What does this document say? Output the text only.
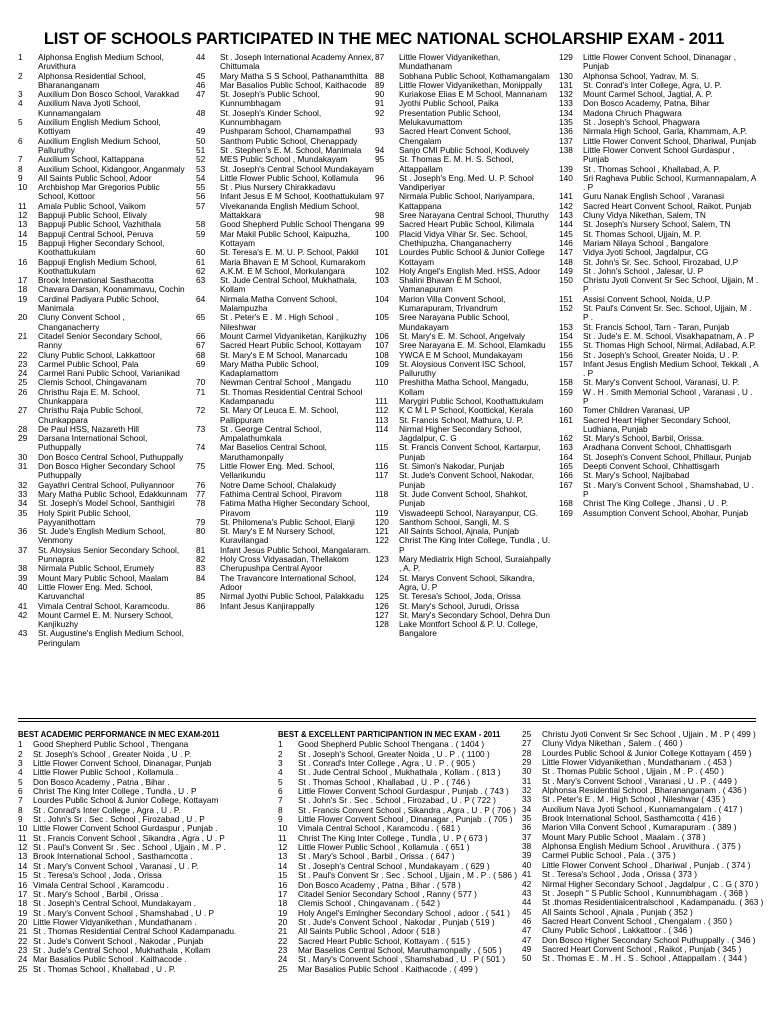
LIST OF SCHOOLS PARTICIPATED IN THE MEC NATIONAL SCHOLARSHIP EXAM - 2011
1	Alphonsa English Medium School, Aruvithura
2	Alphonsa Residential School, Bharananganam
3	Auxilium Don Bosco School, Varakkad
4	Auxilium Nava Jyoti School, Kunnamangalam
5	Auxilium English Medium School, Kottiyam
6	Auxilium English Medium School, Palluruthy
7	Auxilium School, Kattappana
8	Auxilium School, Kidangoor, Anganmaly
9	All Saints Public School, Adoor
10	Archbishop Mar Gregorios Public School, Kottoor
11	Amala Public School, Vaikom
12	Bappuji Public School, Elivaly
13	Bappuji Public School, Vazhithala
14	Bappuji Central School, Peruva
15	Bappuji Higher Secondary School, Koothattukulam
16	Bappuji English Medium School, Koothattukulam
17	Brook International Sasthacotta
18	Chavara Darsan, Koonammavu, Cochin
19	Cardinal Padiyara Public School, Manimala
20	Cluny Convent School , Changanacherry
21	Citadel Senior Secondary School, Ranny
22	Cluny Public School, Lakkattoor
23	Carmel Public School, Pala
24	Carmel Rani Public School, Varianikad
25	Clemis School, Chingavanam
26	Christhu Raja E. M. School, Chunkappara
27	Christhu Raja Public School, Chunkappara
28	De Paul HSS, Nazareth Hill
29	Darsana International School, Puthuppally
30	Don Bosco Central School, Puthuppally
31	Don Bosco Higher Secondary School Puthuppally
32	Gayathri Central School, Puliyannoor
33	Mary Matha Public School, Edakkunnam
34	St. Joseph's Model School, Santhigiri
35	Holy Spirit Public School, Payyanithottam
36	St. Jude's English Medium School, Venmony
37	St. Aloysius Senior Secondary School, Punnapra
38	Nirmala Public School, Erumely
39	Mount Mary Public School, Maalam
40	Little Flower Eng. Med. School, Karuvanchal
41	Vimala Central School, Karamcodu.
42	Mount Carmel E. M. Nursery School, Kanjikuzhy
43	St. Augustine's English Medium School, Peringulam
44	St . Joseph International Academy Annex, Chittumala
45	Mary Matha S S School, Pathanamthitta
46	Mar Basalios Public School, Kaithacode
47	St. Joseph's Public School, Kunnumbhagam
48	St. Joseph's Kinder School, Kunnumbhagam
49	Pushparam School, Chamampathal
50	Santhom Public School, Chenappady
51	St . Stephen's E. M. School, Manimala
52	MES Public School , Mundakayam
53	St. Joseph's Central School Mundakayam
54	Little Flower Public School, Kollamula
55	St . Pius Nursery Chirakkadavu
56	Infant Jesus E M School, Koothattukulam
57	Vivekananda English Medium School, Mattakkara
58	Good Shepherd Public School Thengana
59	Mar Makil Public School, Kaipuzha, Kottayam
60	St. Teresa's E. M. U. P. School, Pakkil
61	Maria Bhavan E M School, Kumarakom
62	A.K.M. E M School, Morkulangara
63	St. Jude Central School, Mukhathala, Kollam
64	Nirmala Matha Convent School, Malampuzha
65	St . Peter's E . M . High School , Nileshwar
66	Mount Carmel Vidyaniketan, Kanjikuzhy
67	Sacred Heart Public School, Kottayam
68	St. Mary's E M School, Manarcadu
69	Mary Matha Public School, Kadaplamattom
70	Newman Central School , Mangadu
71	St. Thomas Residential Central School Kadampanadu
72	St. Mary Of Leuca E. M. School, Pallippuram
73	St . George Central School, Ampalathumkala
74	Mar Baselios Central School, Maruthamonpally
75	Little Flower Eng. Med. School, Vellarikundu
76	Notre Dame School, Chalakudy
77	Fathima Central School, Piravom
78	Fatima Matha Higher Secondary School, Piravom
79	St. Philomena's Public School, Elanji
80	St. Mary's E M Nursery School, Kuravilangad
81	Infant Jesus Public School, Mangalaram.
82	Holy Cross Vidyasadan, Thellakom
83	Cherupushpa Central Ayoor
84	The Travancore International School, Adoor
85	Nirmal Jyothi Public School, Palakkadu
86	Infant Jesus Kanjirappally
87	Little Flower Vidyanikethan, Mundathanam
88	Sobhana Public School, Kothamangalam
89	Little Flower Vidyanikethan, Monippally
90	Kuriakose Elias E M School, Mannanam
91	Jyothi Public School, Paika
92	Presentation Public School, Melukavumattom
93	Sacred Heart Convent School, Chengalam
94	Sanjo CMI Public School, Koduvely
95	St. Thomas E. M. H. S. School, Attappallam
96	St . Joseph's Eng. Med. U. P. School Vandiperiyar
97	Nirmala Public School, Nariyampara, Kattappana
98	Sree Narayana Central School, Thuruthy
99	Sacred Heart Public School, Kilimala
100	Placid Vidya Vihar Sr. Sec. School, Chethipuzha, Changanacherry
101	Lourdes Public School & Junior College Kottayam
102	Holy Angel's English Med. HSS, Adoor
103	Shalini Bhavan E M School, Vamanapuram
104	Marion Villa Convent School, Kumarapuram, Trivandrum
105	Sree Narayana Public School, Mundakayam
106	St. Mary's E. M. School, Angelvaly
107	Sree Narayana E. M. School, Elamkadu
108	YWCA E M School, Mundakayam
109	St. Aloysious Convent ISC School, Palluruthy
110	Preshitha Matha School, Mangadu, Kollam
111	Marygiri Public School, Koothattukulam
112	K C M L P School, Koottickal, Kerala
113	St. Francis School, Mathura, U. P.
114	Nirmal Higher Secondary School, Jagdalpur, C. G
115	St. Francis Convent School, Kartarpur, Punjab
116	St. Simon's Nakodar, Punjab
117	St. Jude's Convent School, Nakodar, Punjab
118	St. Jude Convent School, Shahkot, Punjab
119	Viswadeepti School, Narayanpur, CG.
120	Santhom School, Sangli, M. S
121	All Saints School, Ajnala, Punjab
122	Christ The King Inter College, Tundla , U. P
123	Mary Mediatrix High School, Suraiahpally , A. P.
124	St. Marys Convent School, Sikandra, Agra, U. P
125	St. Teresa's School, Joda, Orissa
126	St. Mary's School, Jurudi, Orissa
127	St. Mary's Secondary School, Dehra Dun
128	Lake Montfort School & P. U. College, Bangalore
129	Little Flower Convent School, Dinanagar , Punjab
130	Alphonsa School, Yadrav, M. S.
131	St. Conrad's Inter College, Agra, U. P.
132	Mount Carmel School, Jagtial, A. P.
133	Don Bosco Academy, Patna, Bihar
134	Madona Chruch Phagwara
135	St . Joseph's School, Phagwara
136	Nirmala High School, Garla, Khammam, A.P.
137	Little Flower Convent School, Dhariwal, Punjab
138	Little Flower Convent School Gurdaspur , Punjab
139	St . Thomas School , Khallabad, A. P.
140	Sri Raghava Public School, Kurmannapalam, A . P
141	Guru Nanak English School , Varanasi
142	Sacred Heart Convent School, Raikot, Punjab
143	Cluny Vidya Nikethan, Salem, TN
144	St. Joseph's Nursery School, Salem, TN
145	St. Thomas School, Ujjain, M. P.
146	Mariam Nilaya School , Bangalore
147	Vidya Jyoti School, Jagdalpur, CG
148	St. John's Sr. Sec. School, Firozabad, U.P
149	St . John's School , Jalesar, U. P
150	Christu Jyoti Convent Sr Sec School, Ujjain, M . P
151	Assisi Convent School, Noida, U.P
152	St. Paul's Convent Sr. Sec. School, Ujjain, M . P .
153	St. Francis School, Tarn - Taran, Punjab
154	St . Jude's E. M. School, Visakhapatnam, A . P
155	St. Thomas High School, Nirmal, Adilabad, A.P.
156	St . Joseph's School, Greater Noida, U . P.
157	Infant Jesus English Medium School, Tekkali , A . P
158	St. Mary's Convent School, Varanasi, U. P.
159	W . H . Smith Memorial School , Varanasi , U . P
160	Tomer Children Varanasi, UP
161	Sacred Heart Higher Secondary School, Ludhiana, Punjab
162	St. Mary's School, Barbil, Orissa.
163	Aradhana Convent School, Chhattisgarh
164	St. Joseph's Convent School, Phillaur, Punjab
165	Deepti Convent School, Chhattisgarh
166	St. Mary's School, Najibabad
167	St . Mary's Convent School , Shamshabad, U . P
168	Christ The King College , Jhansi , U . P.
169	Assumption Convent School, Abohar, Punjab
BEST ACADEMIC PERFORMANCE IN MEC EXAM-2011
1	Good Shepherd Public School , Thengana
2	St. Joseph's School , Greater Noida , U . P.
3	Little Flower Convent School, Dinanagar, Punjab
4	Little Flower Public School , Kollamula .
5	Don Bosco Academy , Patna , Bihar .
6	Christ The King Inter College , Tundla , U . P
7	Lourdes Public School & Junior College, Kottayam
8	St . Conrad's Inter College , Agra , U . P.
9	St . John's Sr . Sec . School , Firozabad , U . P
10 Little Flower Convent School Gurdaspur , Punjab .
11 St . Francis Convent School , Sikandra , Agra , U . P
12 St . Paul's Convent Sr . Sec . School , Ujjain , M . P .
13 Brook International School , Sasthamcotta .
14 St . Mary's Convent School , Varanasi , U . P.
15 St . Teresa's School , Joda , Orissa
16 Vimala Central School , Karamcodu .
17 St . Mary's School , Barbil , Orissa .
18 St . Joseph's Central School, Mundakayam .
19 St . Mary's Convent School , Shamshabad , U . P
20 Little Flower Vidyanikethan , Mundathanam .
21 St . Thomas Residential Central School Kadampanadu.
22 St . Jude's Convent School , Nakodar , Punjab
23 St . Jude's Central School , Mukhathala , Kollam
24 Mar Basalios Public School . Kaithacode .
25 St . Thomas School , Khallabad , U . P.
BEST & EXCELLENT PARTICIPANTION IN MEC EXAM - 2011
1	Good Shepherd Public School Thengana . ( 1404 )
2	St . Joseph's School, Greater Noida , U . P . ( 1100 )
3	St . Conrad's Inter College , Agra , U . P . ( 905 )
4	St . Jude Central School , Mukhathala , Kollam . ( 813 )
5	St . Thomas School , Khallabad , U . P . ( 746 )
6	Little Flower Convent School Gurdaspur , Punjab . ( 743 )
7	St . John's Sr . Sec . School , Firozabad , U . P ( 722 )
8	St . Francis Convent School , Sikandra , Agra , U . P ( 706 )
9	Little Flower Convent School , Dinanagar , Punjab . ( 705 )
10	Vimala Central School , Karamcodu . ( 681 )
11	Christ The King Inter College , Tundla , U . P ( 673 )
12	Little Flower Public School , Kollamula . ( 651 )
13	St . Mary's School , Barbil , Orissa . ( 647 )
14	St . Joseph's Central School , Mundakayam . ( 629 )
15	St . Paul's Convent Sr . Sec . School , Ujjain , M . P . ( 586 )
16	Don Bosco Academy , Patna , Bihar . ( 578 )
17	Citadel Senior Secondary School , Ranny ( 577 )
18	Clemis School , Chingavanam . ( 542 )
19	Holy Angel's Emlngher Secondary School , adoor . ( 541 )
20	St . Jude's Convent School , Nakodar , Punjab ( 519 )
21	All Saints Public School , Adoor ( 518 )
22	Sacred Heart Public School, Kottayam . ( 515 )
23	Mar Baselios Central School, Maruthamonpally . ( 505 )
24	St . Mary's Convent School , Shamshabad , U . P ( 501 )
25	Mar Basalios Public School . Kaithacode . ( 499 )
25	Christu Jyoti Convent Sr Sec School , Ujjain , M . P ( 499 )
27	Cluny Vidya Nikethan , Salem . ( 460 )
28	Lourdes Public School & Junior College Kottayam ( 459 )
29	Little Flower Vidyanikethan , Mundathanam . ( 453 )
30	St . Thomas Public School , Ujjain , M . P . ( 450 )
31	St . Mary's Convent School , Varanasi , U . P . ( 449 )
32	Alphonsa Residential School , Bharananganam . ( 436 )
33	St . Peter's E . M . High School , Nileshwar ( 435 )
34	Auxilium Nava Jyoti School , Kunnamangalam . ( 417 )
35	Brook International School, Sasthamcotta ( 416 )
36	Marion Villa Convent School , Kumarapuram . ( 389 )
37	Mount Mary Public School , Maalam . ( 378 )
38	Alphonsa English Medium School , Aruvithura . ( 375 )
39	Carmel Public School , Pala . ( 375 )
40	Little Flower Convent School , Dhariwal , Punjab . ( 374 )
41	St . Teresa's School , Joda , Orissa ( 373 )
42	Nirmal Higher Secondary School , Jagdalpur , C . G ( 370 )
43	St . Joseph " S Public School , Kunnumbhagam . ( 368 )
44	St .thomas Residentialcentralschool , Kadampanadu. ( 363 )
45	All Saints School , Ajnala , Punjab ( 352 )
46	Sacred Heart Convent School , Chengalam . ( 350 )
47	Cluny Public School , Lakkattoor . ( 346 )
47	Don Bosco Higher Secondary School Puthuppally . ( 346 )
49	Sacred Heart Convent School , Raikot , Punjab ( 345 )
50	St . Thomas E . M . H . S . School , Attappallam . ( 344 )
